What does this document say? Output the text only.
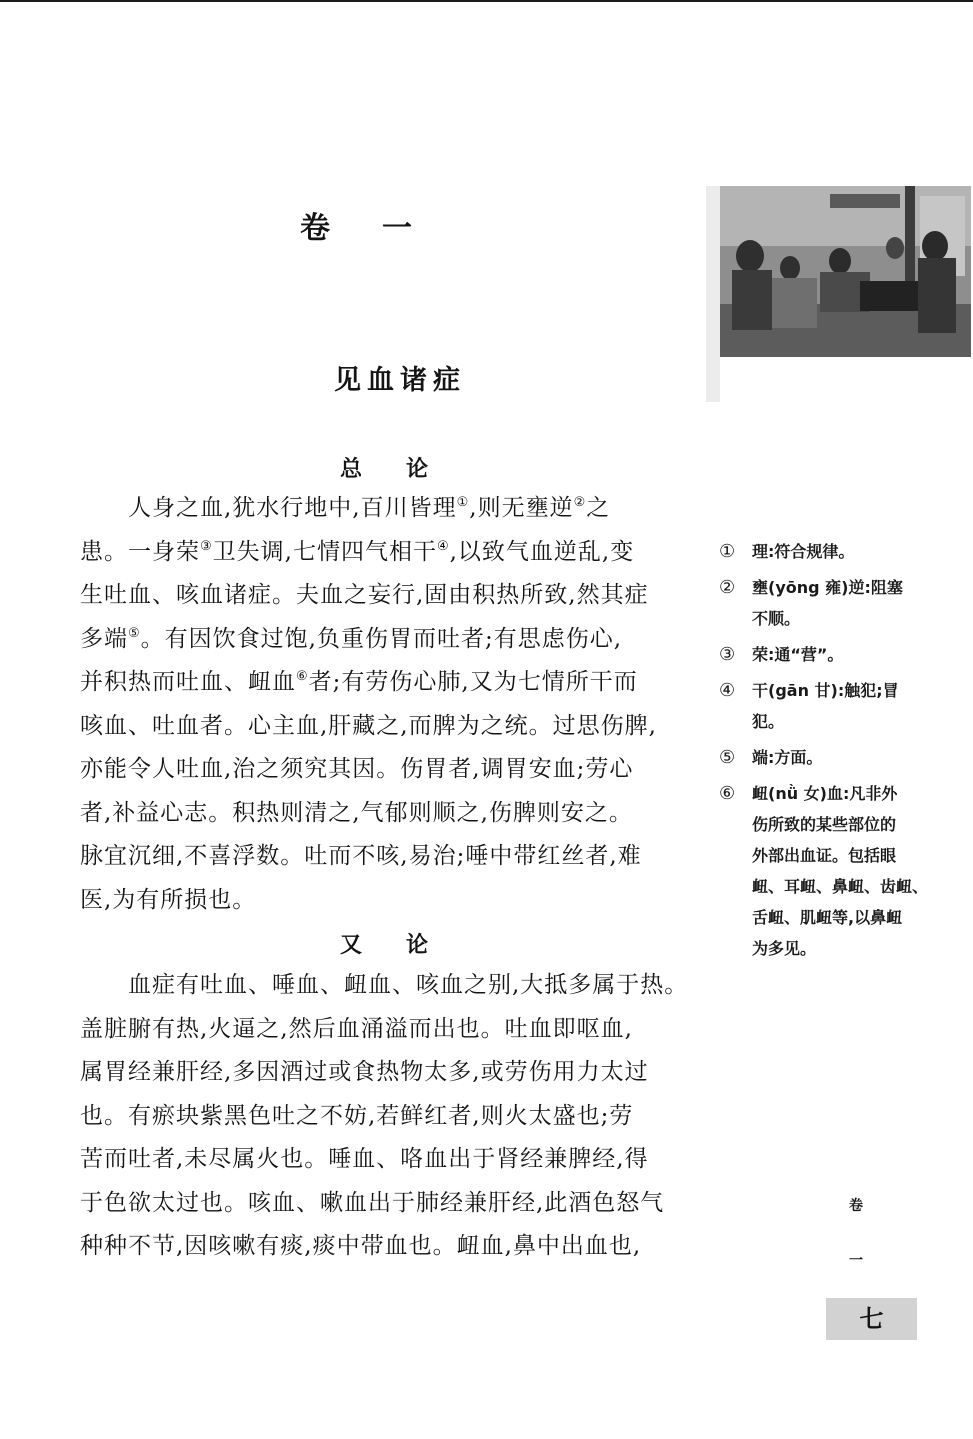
卷一
见血诸症
总论
　　人身之血,犹水行地中,百川皆理①,则无壅逆②之
患。一身荣③卫失调,七情四气相干④,以致气血逆乱,变
生吐血、咳血诸症。夫血之妄行,固由积热所致,然其症
多端⑤。有因饮食过饱,负重伤胃而吐者;有思虑伤心,
并积热而吐血、衄血⑥者;有劳伤心肺,又为七情所干而
咳血、吐血者。心主血,肝藏之,而脾为之统。过思伤脾,
亦能令人吐血,治之须究其因。伤胃者,调胃安血;劳心
者,补益心志。积热则清之,气郁则顺之,伤脾则安之。
脉宜沉细,不喜浮数。吐而不咳,易治;唾中带红丝者,难
医,为有所损也。
又论
　　血症有吐血、唾血、衄血、咳血之别,大抵多属于热。
盖脏腑有热,火逼之,然后血涌溢而出也。吐血即呕血,
属胃经兼肝经,多因酒过或食热物太多,或劳伤用力太过
也。有瘀块紫黑色吐之不妨,若鲜红者,则火太盛也;劳
苦而吐者,未尽属火也。唾血、咯血出于肾经兼脾经,得
于色欲太过也。咳血、嗽血出于肺经兼肝经,此酒色怒气
种种不节,因咳嗽有痰,痰中带血也。衄血,鼻中出血也,
① 理:符合规律。
② 壅(yōng 雍)逆:阻塞
不顺。
③ 荣:通“营”。
④ 干(gān 甘):触犯;冒
犯。
⑤ 端:方面。
⑥ 衄(nǜ 女)血:凡非外
伤所致的某些部位的
外部出血证。包括眼
衄、耳衄、鼻衄、齿衄、
舌衄、肌衄等,以鼻衄
为多见。
卷
一
七
